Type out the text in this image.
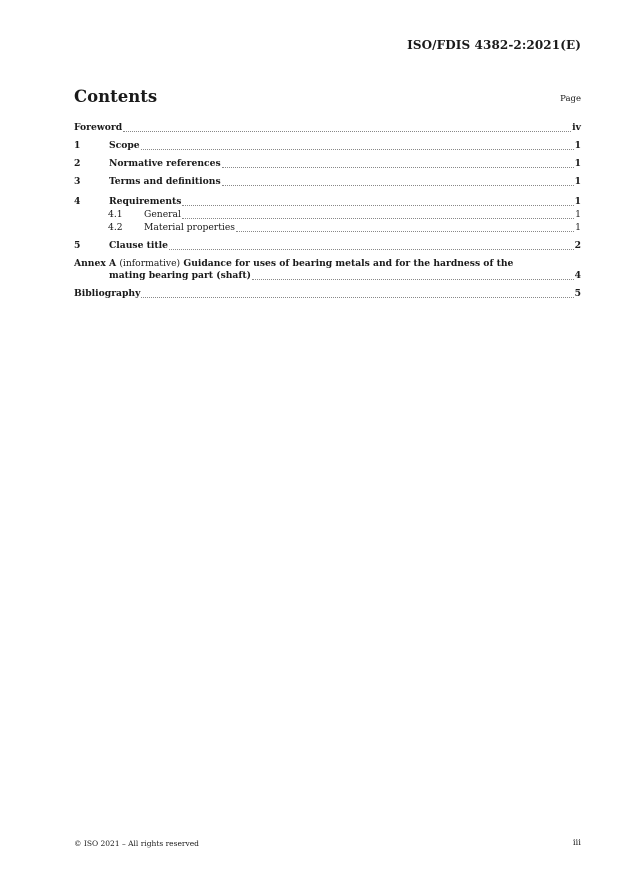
ISO/FDIS 4382-2:2021(E)
Contents	Page
Foreword	iv
1	Scope	1
2	Normative references	1
3	Terms and definitions	1
4	Requirements	1
4.1	General	1
4.2	Material properties	1
5	Clause title	2
Annex A (informative) Guidance for uses of bearing metals and for the hardness of the
mating bearing part (shaft)	4
Bibliography	5
© ISO 2021 – All rights reserved	iii
